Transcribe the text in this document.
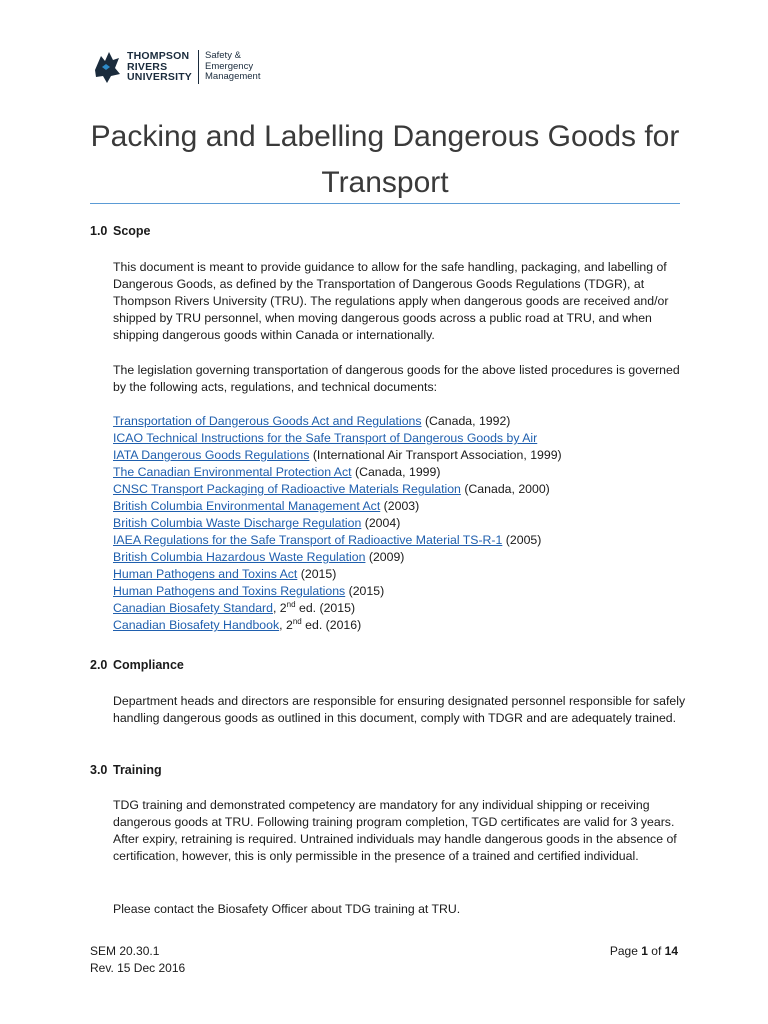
THOMPSON
RIVERS
UNIVERSITY
Safety &
Emergency
Management
Packing and Labelling Dangerous Goods for Transport
1.0 Scope

This document is meant to provide guidance to allow for the safe handling, packaging, and labelling of Dangerous Goods, as defined by the Transportation of Dangerous Goods Regulations (TDGR), at Thompson Rivers University (TRU). The regulations apply when dangerous goods are received and/or shipped by TRU personnel, when moving dangerous goods across a public road at TRU, and when shipping dangerous goods within Canada or internationally.

The legislation governing transportation of dangerous goods for the above listed procedures is governed by the following acts, regulations, and technical documents:

Transportation of Dangerous Goods Act and Regulations (Canada, 1992)
ICAO Technical Instructions for the Safe Transport of Dangerous Goods by Air
IATA Dangerous Goods Regulations (International Air Transport Association, 1999)
The Canadian Environmental Protection Act (Canada, 1999)
CNSC Transport Packaging of Radioactive Materials Regulation (Canada, 2000)
British Columbia Environmental Management Act (2003)
British Columbia Waste Discharge Regulation (2004)
IAEA Regulations for the Safe Transport of Radioactive Material TS-R-1 (2005)
British Columbia Hazardous Waste Regulation (2009)
Human Pathogens and Toxins Act (2015)
Human Pathogens and Toxins Regulations (2015)
Canadian Biosafety Standard, 2nd ed. (2015)
Canadian Biosafety Handbook, 2nd ed. (2016)
2.0 Compliance

Department heads and directors are responsible for ensuring designated personnel responsible for safely handling dangerous goods as outlined in this document, comply with TDGR and are adequately trained.

3.0 Training

TDG training and demonstrated competency are mandatory for any individual shipping or receiving dangerous goods at TRU. Following training program completion, TGD certificates are valid for 3 years. After expiry, retraining is required. Untrained individuals may handle dangerous goods in the absence of certification, however, this is only permissible in the presence of a trained and certified individual.

Please contact the Biosafety Officer about TDG training at TRU.

SEM 20.30.1
Rev. 15 Dec 2016
Page 1 of 14
